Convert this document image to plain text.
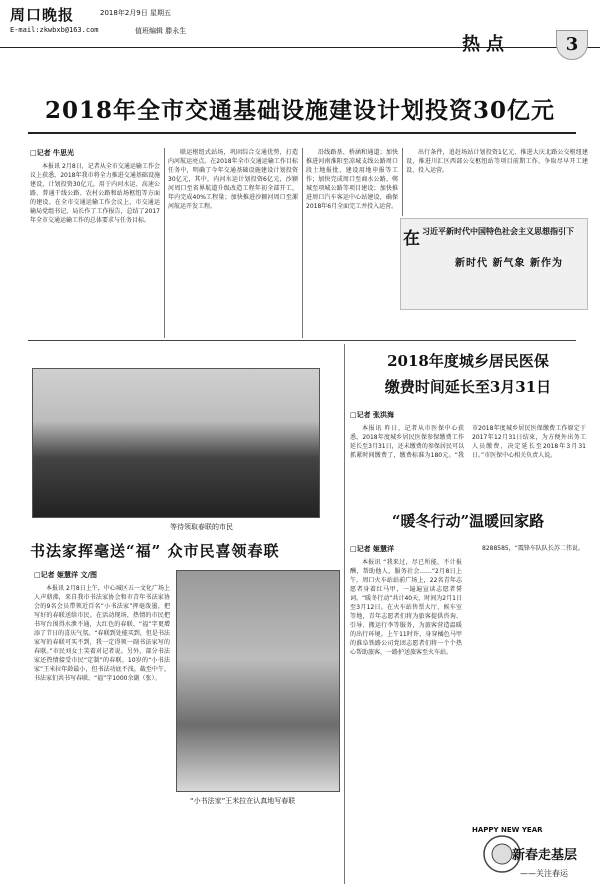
周口晚报
E-mail:zkwbxb@163.com
2018年2月9日 星期五
值班编辑 滕永生
热点	3
2018年全市交通基础设施建设计划投资30亿元
□记者 牛思光

本报讯 2月8日，记者从全市交通运输工作会议上获悉，2018年我市将全力推进交通基础设施建设，计划投资30亿元，用于内河水运、高速公路、普通干线公路、农村公路和站场枢纽等方面的建设。在全市交通运输工作会议上，市交通运输局党组书记、局长作了工作报告，总结了2017年全市交通运输工作的总体要求与任务目标。

联运枢纽式站场，巩固综合交通优势，打造内河航运亮点。在2018年全市交通运输工作目标任务中，明确了今年交通基础设施建设计划投资30亿元，其中，内河水运计划投资6亿元，沙颍河周口至省界航道升级改造工程年初全部开工，年内完成40%工程量；加快推进沙颍河周口至漯河航运开发工程。

沿线路基、桥涵和通道；加快推进河南淮阳至凉城支线公路周口段土地报批、建设用地申报等工作；加快完成周口至商水公路、郸城至项城公路等项目建设；加快推进周口汽车客运中心站建设，确保2018年6月全面完工并投入运营。

出行条件，追赶场站计划投资1亿元，推进大庆北路公交枢纽建设，推进川汇区西部公交枢纽站等项目前期工作，争取尽早开工建设、投入运营。

在 习近平新时代中国特色社会主义思想指引下
新时代 新气象 新作为
等待领取春联的市民
书法家挥毫送“福” 众市民喜领春联
□记者 姬慧洋 文/图

本报讯 2月8日上午，中心城区五一文化广场上人声鼎沸，来自我市书法家协会和市青年书法家协会的9名会员带领近百名“小书法家”挥毫泼墨，把写好的春联送给市民。在活动现场，热情的市民把书写台围得水泄不通，大红色的春联、“福”字更增添了节日的喜庆气氛。“春联到处能买到，但是书法家写的春联可买不到，我一定得领一副书法家写的春联。”市民刘女士笑着对记者说。另外，部分书法家还热情接受市民“定制”的春联。10岁的“小书法家”王米拉年龄最小，但书法功底不浅。截至中午，书法家们共书写春联、“福”字1000余副（张）。

“小书法家”王米拉在认真地写春联
2018年度城乡居民医保
缴费时间延长至3月31日
□记者 张洪海

本报讯 昨日，记者从市医保中心获悉，2018年度城乡居民医保参保缴费工作延长至3月31日，还未缴费的参保居民可以抓紧时间缴费了，缴费标准为180元。“我市2018年度城乡居民医保缴费工作原定于2017年12月31日结束，为方便外出务工人员缴费，决定延长至2018年3月31日。”市医保中心相关负责人说。

“暖冬行动”温暖回家路
□记者 姬慧洋

本报讯 “我来过，尽已所能，不计报酬，帮助他人，服务社会……”2月8日上午，周口火车站站前广场上，22名青年志愿者身着红马甲，一遍遍宣读志愿者誓词。“暖冬行动”共计40天，时间为2月1日至3月12日。在火车站售票大厅、候车室等地，青年志愿者们将为旅客提供咨询、引导、搬运行李等服务，为旅客营造温暖的出行环境。上午11时许，身穿橘色马甲的淮阜铁路公司党团志愿者们将一个个热心帮助旅客，一路护送旅客至火车站。

8288585，“震锋车队队长苏二伟说。

HAPPY NEW YEAR
新春走基层
——关注春运
